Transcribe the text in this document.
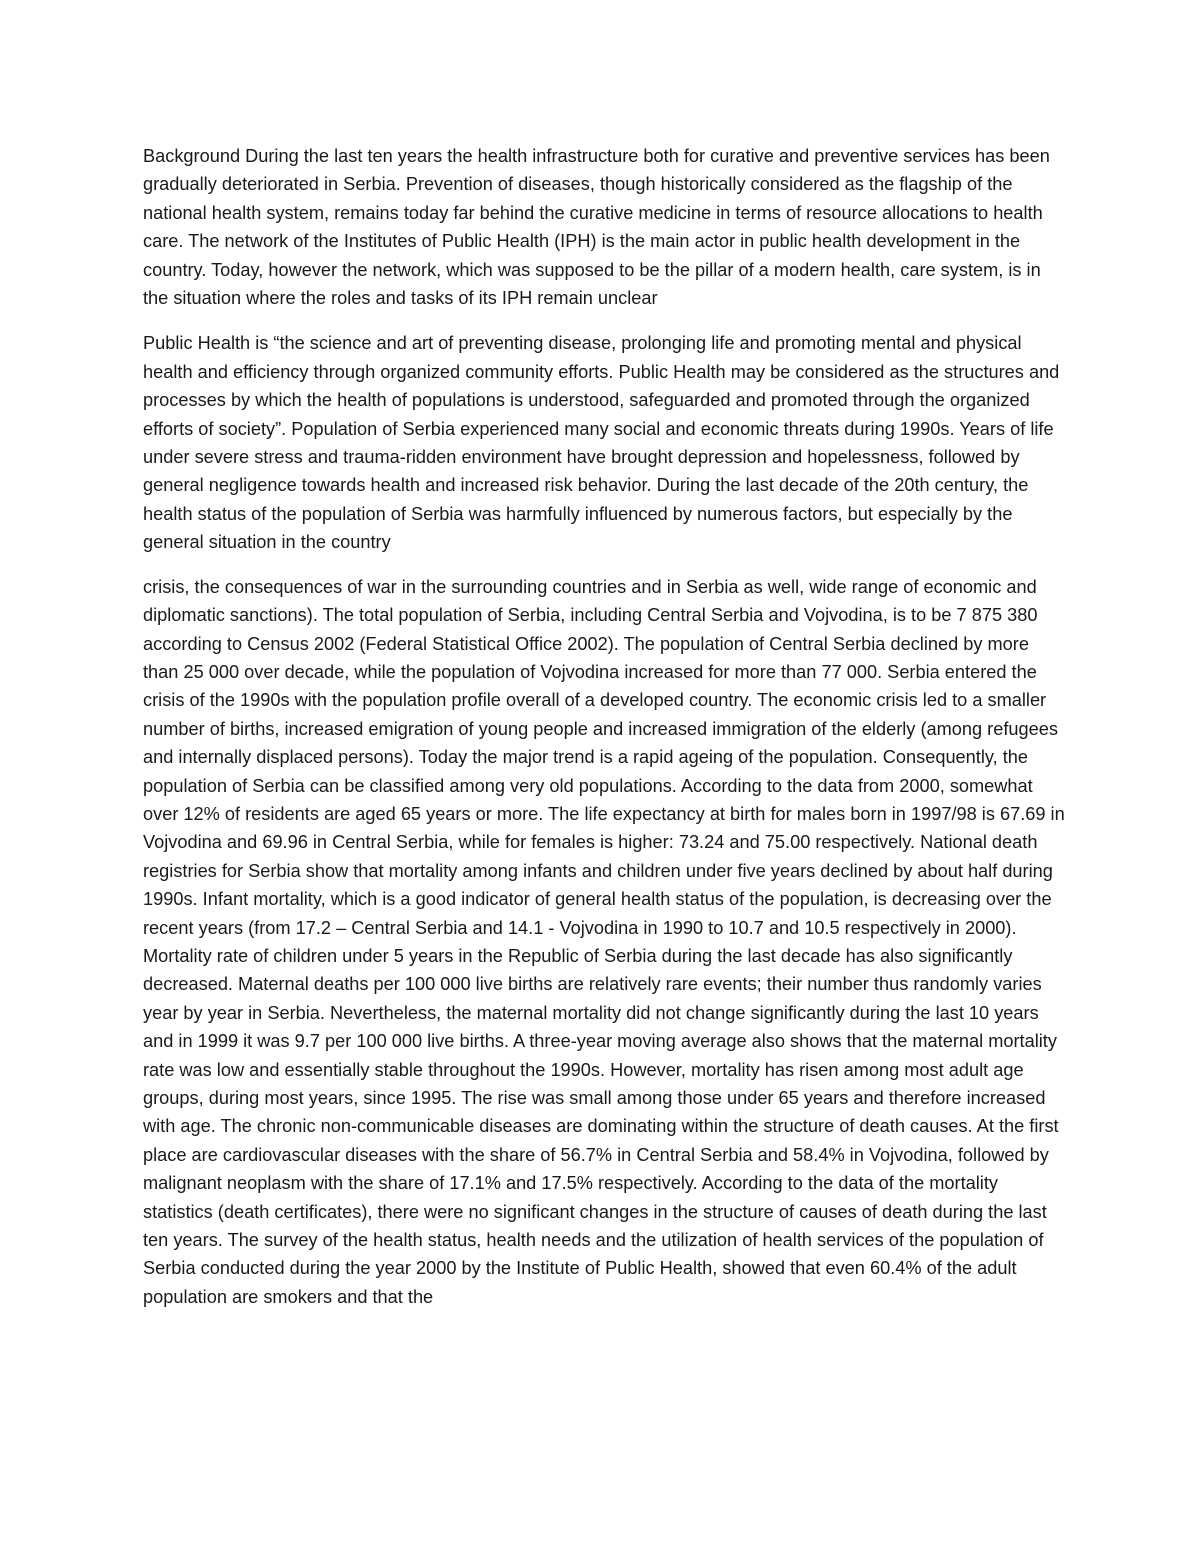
Background During the last ten years the health infrastructure both for curative and preventive services has been gradually deteriorated in Serbia. Prevention of diseases, though historically considered as the flagship of the national health system, remains today far behind the curative medicine in terms of resource allocations to health care. The network of the Institutes of Public Health (IPH) is the main actor in public health development in the country. Today, however the network, which was supposed to be the pillar of a modern health, care system, is in the situation where the roles and tasks of its IPH remain unclear

Public Health is “the science and art of preventing disease, prolonging life and promoting mental and physical health and efficiency through organized community efforts. Public Health may be considered as the structures and processes by which the health of populations is understood, safeguarded and promoted through the organized efforts of society”. Population of Serbia experienced many social and economic threats during 1990s. Years of life under severe stress and trauma-ridden environment have brought depression and hopelessness, followed by general negligence towards health and increased risk behavior. During the last decade of the 20th century, the health status of the population of Serbia was harmfully influenced by numerous factors, but especially by the general situation in the country

crisis, the consequences of war in the surrounding countries and in Serbia as well, wide range of economic and diplomatic sanctions). The total population of Serbia, including Central Serbia and Vojvodina, is to be 7 875 380 according to Census 2002 (Federal Statistical Office 2002). The population of Central Serbia declined by more than 25 000 over decade, while the population of Vojvodina increased for more than 77 000. Serbia entered the crisis of the 1990s with the population profile overall of a developed country. The economic crisis led to a smaller number of births, increased emigration of young people and increased immigration of the elderly (among refugees and internally displaced persons). Today the major trend is a rapid ageing of the population. Consequently, the population of Serbia can be classified among very old populations. According to the data from 2000, somewhat over 12% of residents are aged 65 years or more. The life expectancy at birth for males born in 1997/98 is 67.69 in Vojvodina and 69.96 in Central Serbia, while for females is higher: 73.24 and 75.00 respectively. National death registries for Serbia show that mortality among infants and children under five years declined by about half during 1990s. Infant mortality, which is a good indicator of general health status of the population, is decreasing over the recent years (from 17.2 – Central Serbia and 14.1 - Vojvodina in 1990 to 10.7 and 10.5 respectively in 2000). Mortality rate of children under 5 years in the Republic of Serbia during the last decade has also significantly decreased. Maternal deaths per 100 000 live births are relatively rare events; their number thus randomly varies year by year in Serbia. Nevertheless, the maternal mortality did not change significantly during the last 10 years and in 1999 it was 9.7 per 100 000 live births. A three-year moving average also shows that the maternal mortality rate was low and essentially stable throughout the 1990s. However, mortality has risen among most adult age groups, during most years, since 1995. The rise was small among those under 65 years and therefore increased with age. The chronic non-communicable diseases are dominating within the structure of death causes. At the first place are cardiovascular diseases with the share of 56.7% in Central Serbia and 58.4% in Vojvodina, followed by malignant neoplasm with the share of 17.1% and 17.5% respectively. According to the data of the mortality statistics (death certificates), there were no significant changes in the structure of causes of death during the last ten years. The survey of the health status, health needs and the utilization of health services of the population of Serbia conducted during the year 2000 by the Institute of Public Health, showed that even 60.4% of the adult population are smokers and that the
